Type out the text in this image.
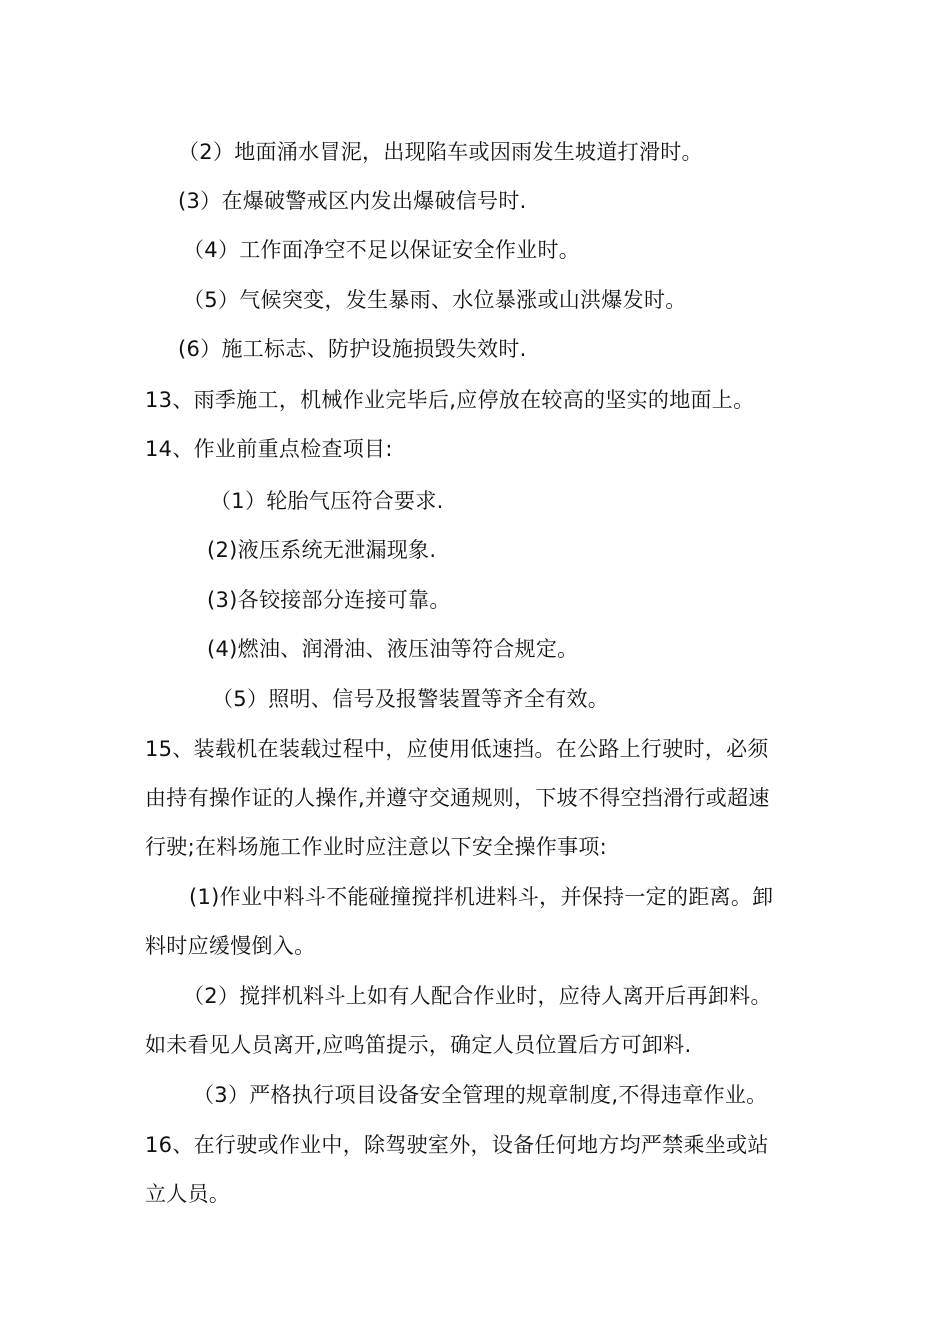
（2）地面涌水冒泥，出现陷车或因雨发生坡道打滑时。
(3）在爆破警戒区内发出爆破信号时.
（4）工作面净空不足以保证安全作业时。
（5）气候突变，发生暴雨、水位暴涨或山洪爆发时。
(6）施工标志、防护设施损毁失效时.
13、雨季施工，机械作业完毕后,应停放在较高的坚实的地面上。
14、作业前重点检查项目:
（1）轮胎气压符合要求.
(2)液压系统无泄漏现象.
(3)各铰接部分连接可靠。
(4)燃油、润滑油、液压油等符合规定。
（5）照明、信号及报警装置等齐全有效。
15、装载机在装载过程中，应使用低速挡。在公路上行驶时，必须
由持有操作证的人操作,并遵守交通规则，下坡不得空挡滑行或超速
行驶;在料场施工作业时应注意以下安全操作事项:
(1)作业中料斗不能碰撞搅拌机进料斗，并保持一定的距离。卸
料时应缓慢倒入。
（2）搅拌机料斗上如有人配合作业时，应待人离开后再卸料。
如未看见人员离开,应鸣笛提示，确定人员位置后方可卸料.
（3）严格执行项目设备安全管理的规章制度,不得违章作业。
16、在行驶或作业中，除驾驶室外，设备任何地方均严禁乘坐或站
立人员。
